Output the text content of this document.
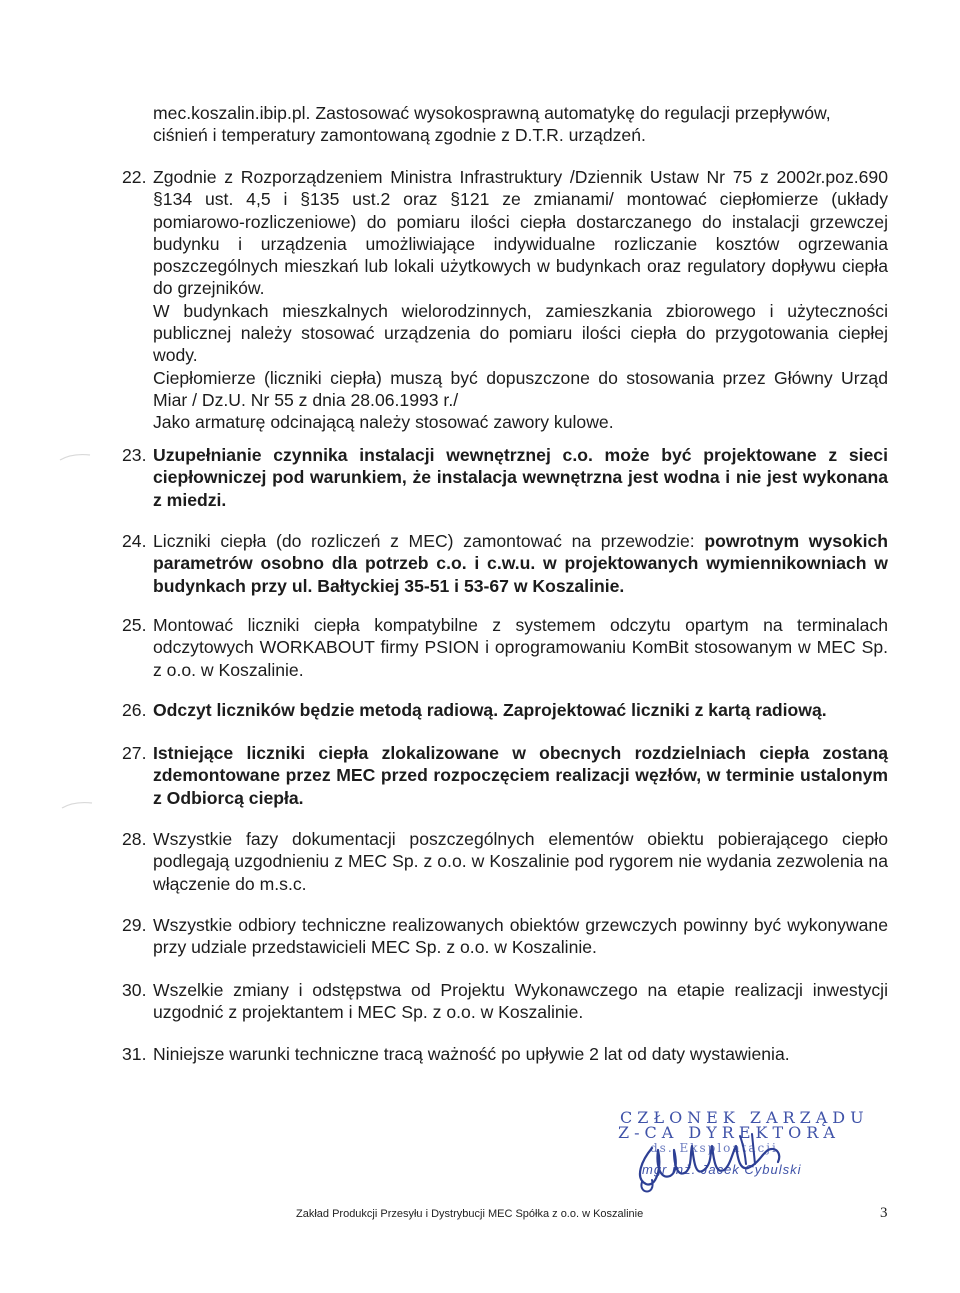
mec.koszalin.ibip.pl. Zastosować wysokosprawną automatykę do regulacji przepływów,

ciśnień i temperatury zamontowaną zgodnie z D.T.R. urządzeń.

22. Zgodnie z Rozporządzeniem Ministra Infrastruktury /Dziennik Ustaw Nr 75 z 2002r.poz.690 §134 ust. 4,5 i §135 ust.2 oraz §121 ze zmianami/ montować ciepłomierze (układy pomiarowo-rozliczeniowe) do pomiaru ilości ciepła dostarczanego do instalacji grzewczej budynku i urządzenia umożliwiające indywidualne rozliczanie kosztów ogrzewania poszczególnych mieszkań lub lokali użytkowych w budynkach oraz regulatory dopływu ciepła do grzejników.

W budynkach mieszkalnych wielorodzinnych, zamieszkania zbiorowego i użyteczności publicznej należy stosować urządzenia do pomiaru ilości ciepła do przygotowania ciepłej wody.

Ciepłomierze (liczniki ciepła) muszą być dopuszczone do stosowania przez Główny Urząd Miar / Dz.U. Nr 55 z dnia 28.06.1993 r./

Jako armaturę odcinającą należy stosować zawory kulowe.

23. Uzupełnianie czynnika instalacji wewnętrznej c.o. może być projektowane z sieci ciepłowniczej pod warunkiem, że instalacja wewnętrzna jest wodna i nie jest wykonana z miedzi.

24. Liczniki ciepła (do rozliczeń z MEC) zamontować na przewodzie: powrotnym wysokich parametrów osobno dla potrzeb c.o. i c.w.u. w projektowanych wymiennikowniach w budynkach przy ul. Bałtyckiej 35-51 i 53-67 w Koszalinie.

25. Montować liczniki ciepła kompatybilne z systemem odczytu opartym na terminalach odczytowych WORKABOUT firmy PSION i oprogramowaniu KomBit stosowanym w MEC Sp. z o.o. w Koszalinie.

26. Odczyt liczników będzie metodą radiową. Zaprojektować liczniki z kartą radiową.

27. Istniejące liczniki ciepła zlokalizowane w obecnych rozdzielniach ciepła zostaną zdemontowane przez MEC przed rozpoczęciem realizacji węzłów, w terminie ustalonym z Odbiorcą ciepła.

28. Wszystkie fazy dokumentacji poszczególnych elementów obiektu pobierającego ciepło podlegają uzgodnieniu z MEC Sp. z o.o. w Koszalinie pod rygorem nie wydania zezwolenia na włączenie do m.s.c.

29. Wszystkie odbiory techniczne realizowanych obiektów grzewczych powinny być wykonywane przy udziale przedstawicieli MEC Sp. z o.o. w Koszalinie.

30. Wszelkie zmiany i odstępstwa od Projektu Wykonawczego na etapie realizacji inwestycji uzgodnić z projektantem i MEC Sp. z o.o. w Koszalinie.

31. Niniejsze warunki techniczne tracą ważność po upływie 2 lat od daty wystawienia.

CZŁONEK ZARZĄDU
Z-CA DYREKTORA
ds. Eksploatacji
mgr inż. Jacek Cybulski
Zakład Produkcji Przesyłu i Dystrybucji MEC Spółka z o.o. w Koszalinie	3
